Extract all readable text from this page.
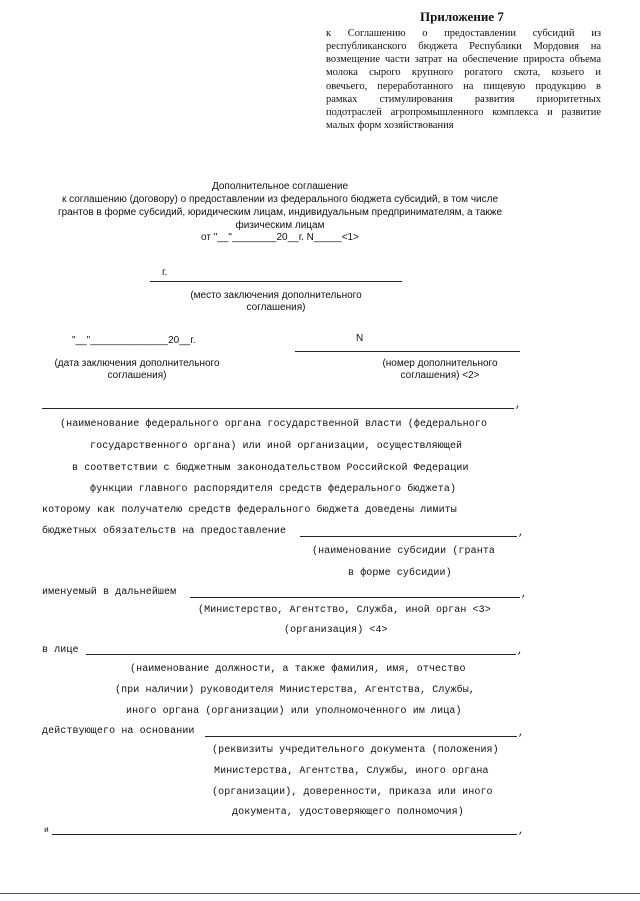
Приложение 7
к Соглашению о предоставлении субсидий из
республиканского бюджета Республики Мордовия на
возмещение части затрат на обеспечение прироста объема
молока сырого крупного рогатого скота, козьего и
овечьего, переработанного на пищевую продукцию в
рамках стимулирования развития приоритетных
подотраслей агропромышленного комплекса и развитие
малых форм хозяйствования
Дополнительное соглашение
к соглашению (договору) о предоставлении из федерального бюджета субсидий, в том числе
грантов в форме субсидий, юридическим лицам, индивидуальным предпринимателям, а также
физическим лицам
от "__"________20__г. N_____<1>
г.
(место заключения дополнительного
соглашения)
"__"______________20__г.
(дата заключения дополнительного
соглашения)
N
(номер дополнительного
соглашения) <2>
,
(наименование федерального органа государственной власти (федерального
государственного органа) или иной организации, осуществляющей
в соответствии с бюджетным законодательством Российской Федерации
функции главного распорядителя средств федерального бюджета)
которому как получателю средств федерального бюджета доведены лимиты
бюджетных обязательств на предоставление	,
(наименование субсидии (гранта
в форме субсидии)
именуемый в дальнейшем	,
(Министерство, Агентство, Служба, иной орган <3>
(организация) <4>
в лице	,
(наименование должности, а также фамилия, имя, отчество
(при наличии) руководителя Министерства, Агентства, Службы,
иного органа (организации) или уполномоченного им лица)
действующего на основании	,
(реквизиты учредительного документа (положения)
Министерства, Агентства, Службы, иного органа
(организации), доверенности, приказа или иного
документа, удостоверяющего полномочия)
и	,
